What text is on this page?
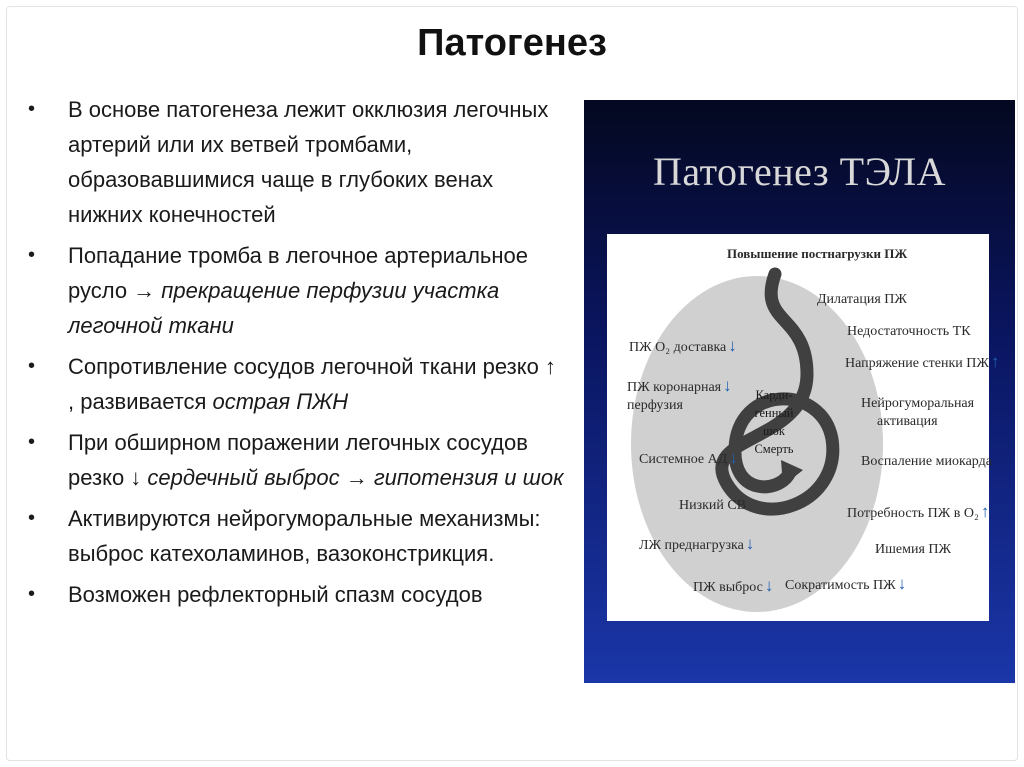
Патогенез
• В основе патогенеза лежит окклюзия легочных артерий или их ветвей тромбами, образовавшимися чаще в глубоких венах нижних конечностей
• Попадание тромба в легочное артериальное русло → прекращение перфузии участка легочной ткани
• Сопротивление сосудов легочной ткани резко ↑ , развивается острая ПЖН
• При обширном поражении легочных сосудов резко ↓ сердечный выброс → гипотензия и шок
• Активируются нейрогуморальные механизмы: выброс катехоламинов, вазоконстрикция.
• Возможен рефлекторный спазм сосудов
Патогенез ТЭЛА
Повышение постнагрузки ПЖ
Дилатация ПЖ
Недостаточность ТК
Напряжение стенки ПЖ ↑
Нейрогуморальная
активация
Воспаление миокарда
Потребность ПЖ в O₂ ↑
Ишемия ПЖ
Сократимость ПЖ ↓
ПЖ O₂ доставка ↓
ПЖ коронарная ↓
перфузия
Системное АД ↓
Низкий СВ
ЛЖ преднагрузка ↓
ПЖ выброс ↓
Карди-
генный
шок
Смерть
